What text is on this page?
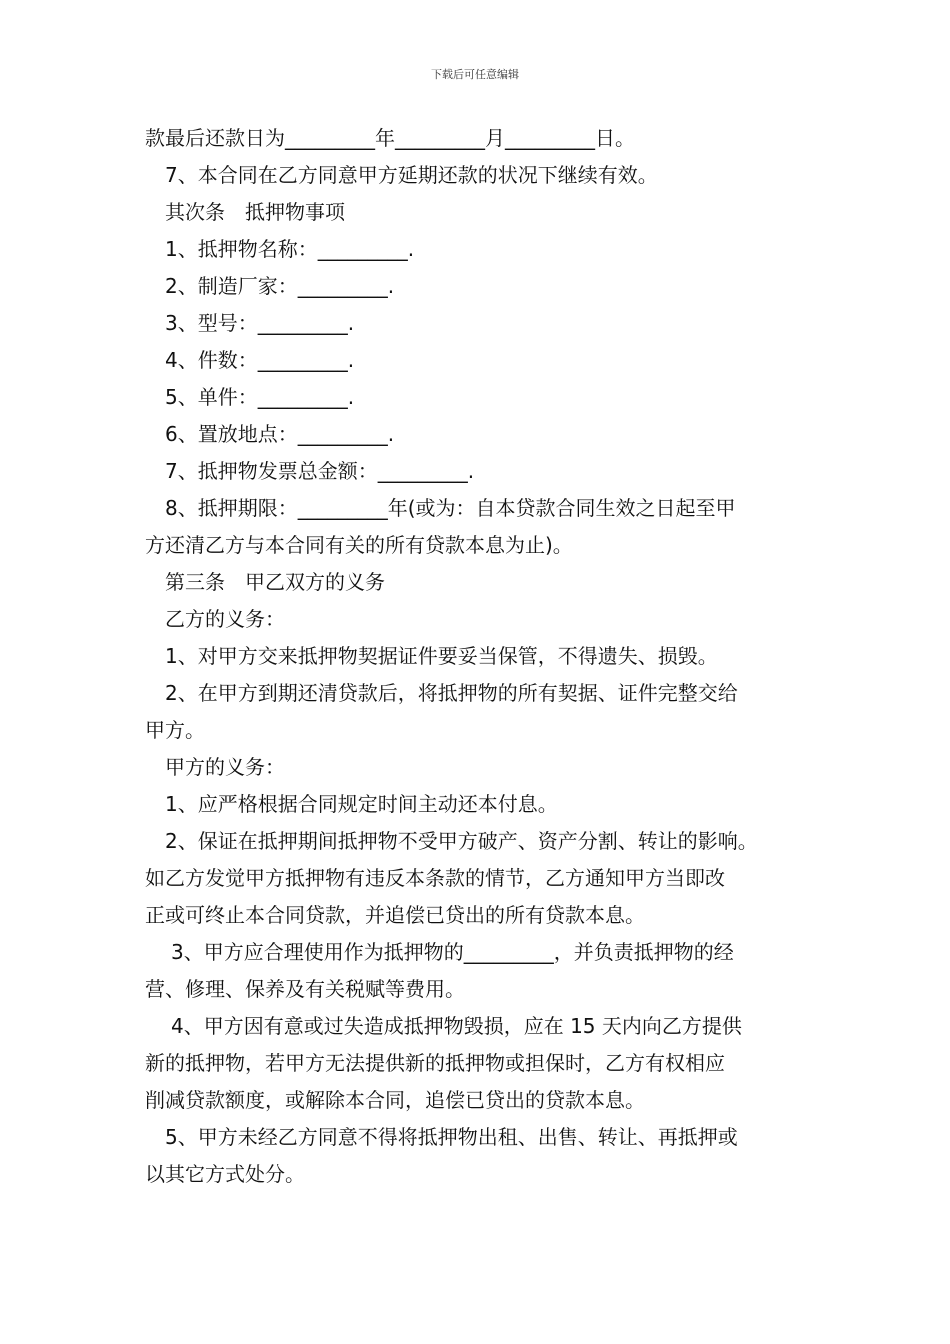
下载后可任意编辑
款最后还款日为_________年_________月_________日。
7、本合同在乙方同意甲方延期还款的状况下继续有效。
其次条　抵押物事项
1、抵押物名称：_________.
2、制造厂家：_________.
3、型号：_________.
4、件数：_________.
5、单件：_________.
6、置放地点：_________.
7、抵押物发票总金额：_________.
8、抵押期限：_________年(或为：自本贷款合同生效之日起至甲
方还清乙方与本合同有关的所有贷款本息为止)。
第三条　甲乙双方的义务
乙方的义务：
1、对甲方交来抵押物契据证件要妥当保管，不得遗失、损毁。
2、在甲方到期还清贷款后，将抵押物的所有契据、证件完整交给
甲方。
甲方的义务：
1、应严格根据合同规定时间主动还本付息。
2、保证在抵押期间抵押物不受甲方破产、资产分割、转让的影响。
如乙方发觉甲方抵押物有违反本条款的情节，乙方通知甲方当即改
正或可终止本合同贷款，并追偿已贷出的所有贷款本息。
3、甲方应合理使用作为抵押物的_________，并负责抵押物的经
营、修理、保养及有关税赋等费用。
4、甲方因有意或过失造成抵押物毁损，应在 15 天内向乙方提供
新的抵押物，若甲方无法提供新的抵押物或担保时，乙方有权相应
削减贷款额度，或解除本合同，追偿已贷出的贷款本息。
5、甲方未经乙方同意不得将抵押物出租、出售、转让、再抵押或
以其它方式处分。
